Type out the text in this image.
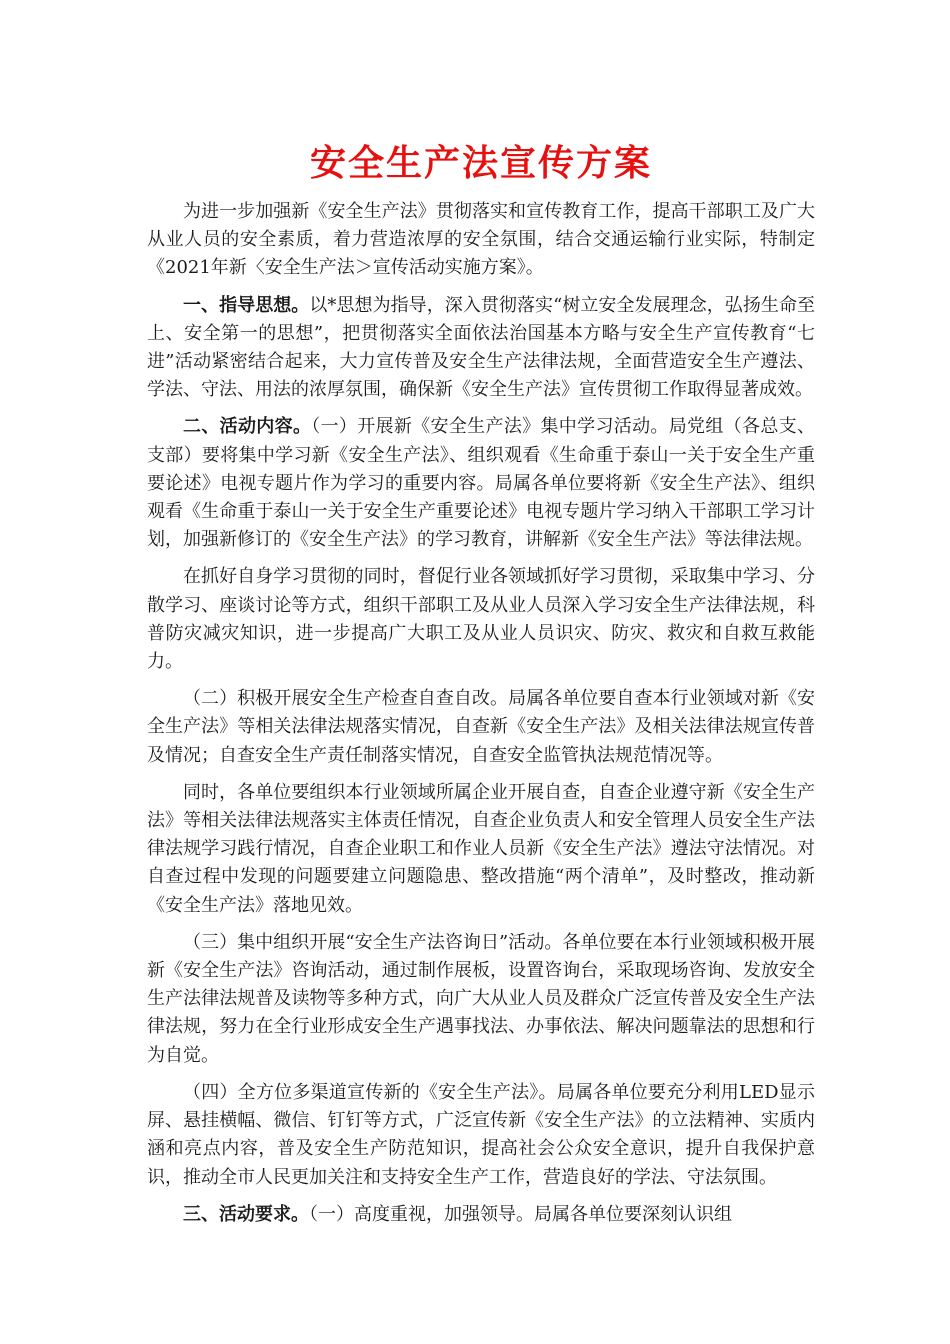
安全生产法宣传方案

为进一步加强新《安全生产法》贯彻落实和宣传教育工作，提高干部职工及广大从业人员的安全素质，着力营造浓厚的安全氛围，结合交通运输行业实际，特制定《2021年新〈安全生产法＞宣传活动实施方案》。

一、指导思想。以*思想为指导，深入贯彻落实“树立安全发展理念，弘扬生命至上、安全第一的思想”，把贯彻落实全面依法治国基本方略与安全生产宣传教育“七进”活动紧密结合起来，大力宣传普及安全生产法律法规，全面营造安全生产遵法、学法、守法、用法的浓厚氛围，确保新《安全生产法》宣传贯彻工作取得显著成效。

二、活动内容。（一）开展新《安全生产法》集中学习活动。局党组（各总支、支部）要将集中学习新《安全生产法》、组织观看《生命重于泰山一关于安全生产重要论述》电视专题片作为学习的重要内容。局属各单位要将新《安全生产法》、组织观看《生命重于泰山一关于安全生产重要论述》电视专题片学习纳入干部职工学习计划，加强新修订的《安全生产法》的学习教育，讲解新《安全生产法》等法律法规。

在抓好自身学习贯彻的同时，督促行业各领域抓好学习贯彻，采取集中学习、分散学习、座谈讨论等方式，组织干部职工及从业人员深入学习安全生产法律法规，科普防灾减灾知识，进一步提高广大职工及从业人员识灾、防灾、救灾和自救互救能力。

（二）积极开展安全生产检查自查自改。局属各单位要自查本行业领域对新《安全生产法》等相关法律法规落实情况，自查新《安全生产法》及相关法律法规宣传普及情况；自查安全生产责任制落实情况，自查安全监管执法规范情况等。

同时，各单位要组织本行业领域所属企业开展自查，自查企业遵守新《安全生产法》等相关法律法规落实主体责任情况，自查企业负责人和安全管理人员安全生产法律法规学习践行情况，自查企业职工和作业人员新《安全生产法》遵法守法情况。对自查过程中发现的问题要建立问题隐患、整改措施“两个清单”，及时整改，推动新《安全生产法》落地见效。

（三）集中组织开展“安全生产法咨询日”活动。各单位要在本行业领域积极开展新《安全生产法》咨询活动，通过制作展板，设置咨询台，采取现场咨询、发放安全生产法律法规普及读物等多种方式，向广大从业人员及群众广泛宣传普及安全生产法律法规，努力在全行业形成安全生产遇事找法、办事依法、解决问题靠法的思想和行为自觉。

（四）全方位多渠道宣传新的《安全生产法》。局属各单位要充分利用LED显示屏、悬挂横幅、微信、钉钉等方式，广泛宣传新《安全生产法》的立法精神、实质内涵和亮点内容，普及安全生产防范知识，提高社会公众安全意识，提升自我保护意识，推动全市人民更加关注和支持安全生产工作，营造良好的学法、守法氛围。

三、活动要求。（一）高度重视，加强领导。局属各单位要深刻认识组
